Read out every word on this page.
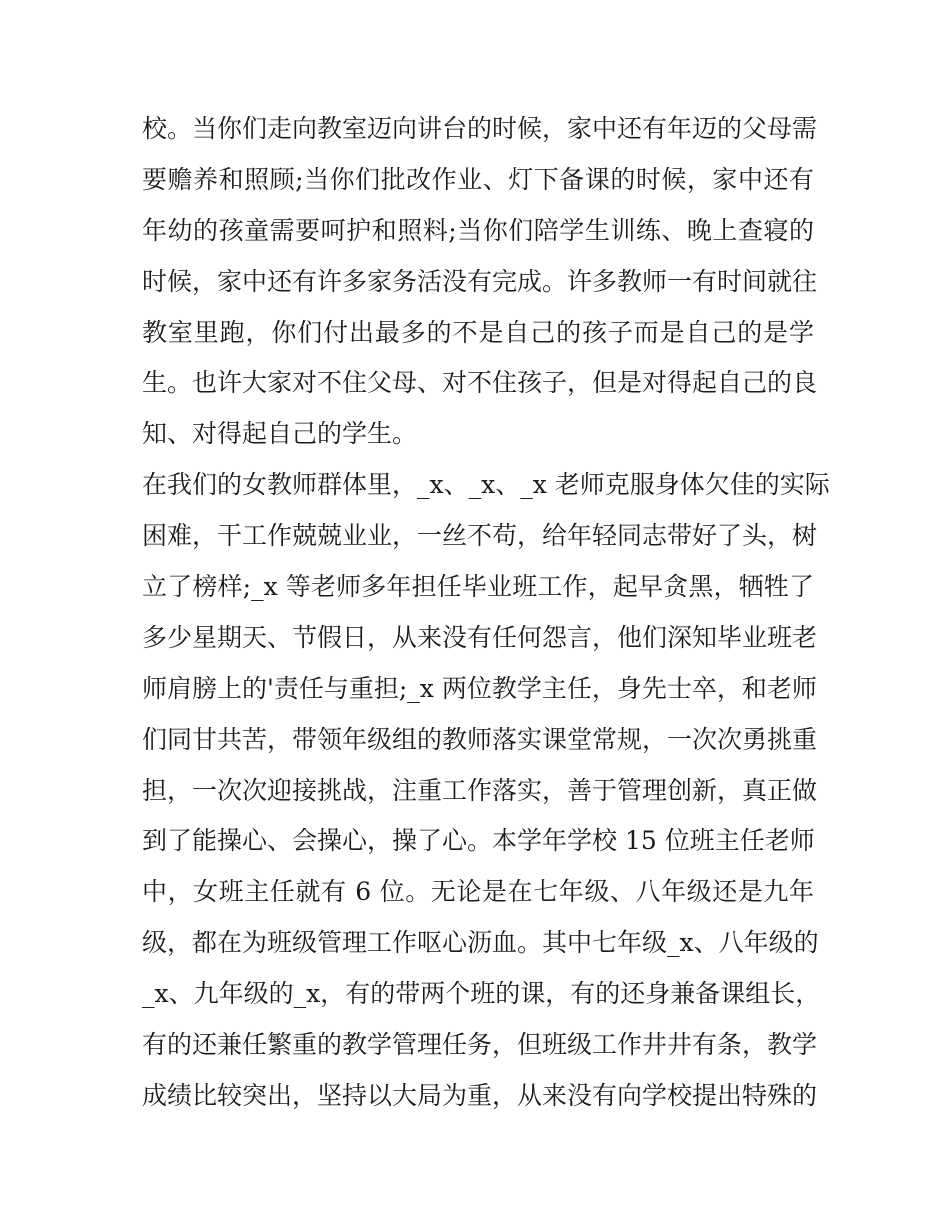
校。当你们走向教室迈向讲台的时候，家中还有年迈的父母需
要赡养和照顾;当你们批改作业、灯下备课的时候，家中还有
年幼的孩童需要呵护和照料;当你们陪学生训练、晚上查寝的
时候，家中还有许多家务活没有完成。许多教师一有时间就往
教室里跑，你们付出最多的不是自己的孩子而是自己的是学
生。也许大家对不住父母、对不住孩子，但是对得起自己的良
知、对得起自己的学生。
在我们的女教师群体里，_x、_x、_x 老师克服身体欠佳的实际
困难，干工作兢兢业业，一丝不苟，给年轻同志带好了头，树
立了榜样;_x 等老师多年担任毕业班工作，起早贪黑，牺牲了
多少星期天、节假日，从来没有任何怨言，他们深知毕业班老
师肩膀上的'责任与重担;_x 两位教学主任，身先士卒，和老师
们同甘共苦，带领年级组的教师落实课堂常规，一次次勇挑重
担，一次次迎接挑战，注重工作落实，善于管理创新，真正做
到了能操心、会操心，操了心。本学年学校 15 位班主任老师
中，女班主任就有 6 位。无论是在七年级、八年级还是九年
级，都在为班级管理工作呕心沥血。其中七年级_x、八年级的
_x、九年级的_x，有的带两个班的课，有的还身兼备课组长，
有的还兼任繁重的教学管理任务，但班级工作井井有条，教学
成绩比较突出，坚持以大局为重，从来没有向学校提出特殊的
